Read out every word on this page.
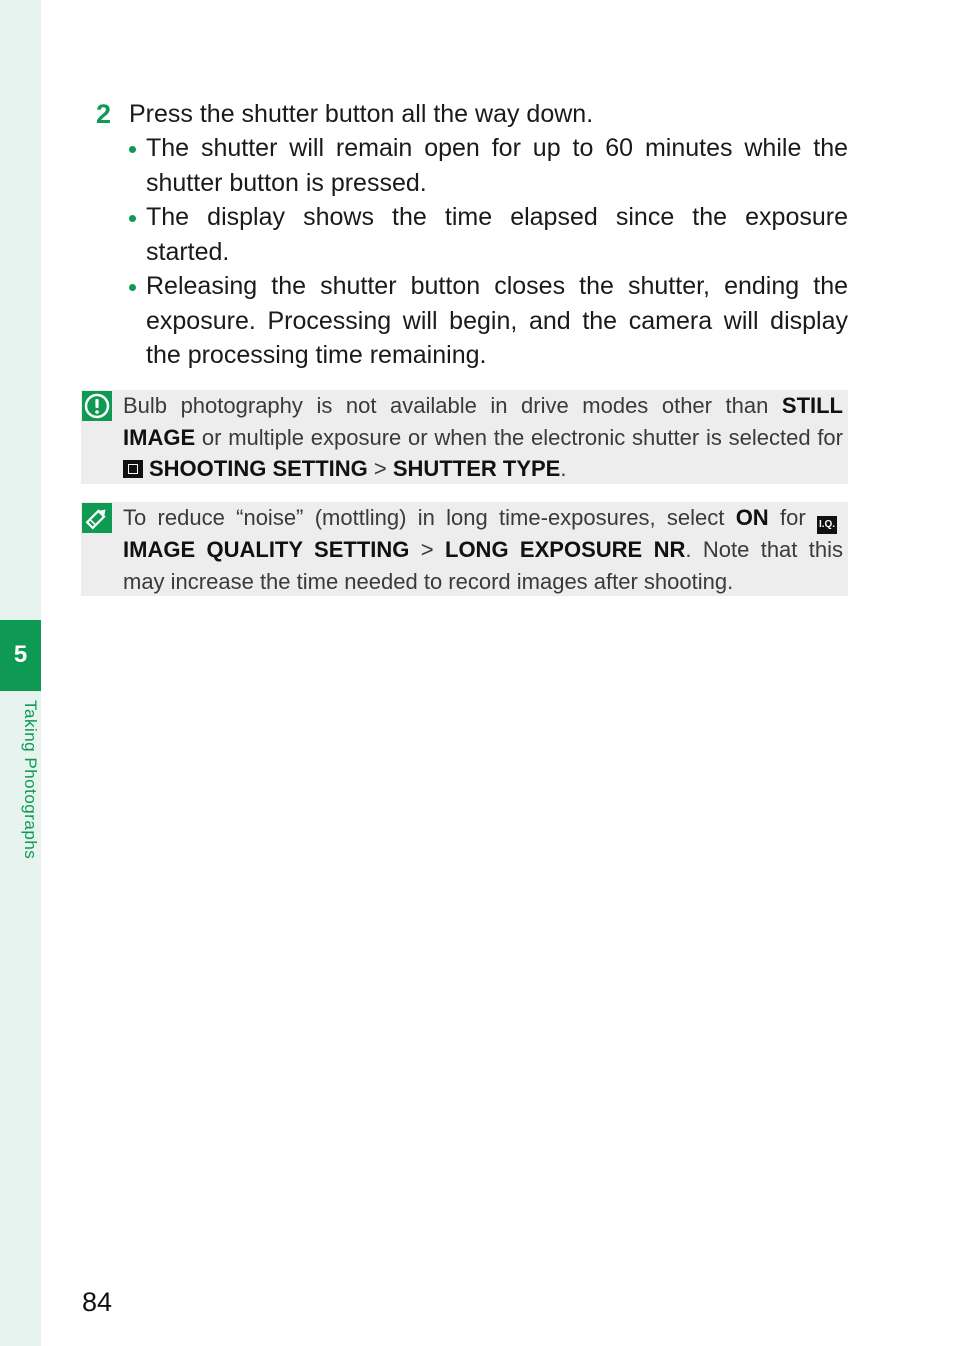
5
Taking Photographs
2 Press the shutter button all the way down.
The shutter will remain open for up to 60 minutes while the shutter button is pressed.
The display shows the time elapsed since the exposure started.
Releasing the shutter button closes the shutter, ending the exposure. Processing will begin, and the camera will display the processing time remaining.
Bulb photography is not available in drive modes other than STILL IMAGE or multiple exposure or when the electronic shutter is selected for SHOOTING SETTING > SHUTTER TYPE.
To reduce “noise” (mottling) in long time-exposures, select ON for I.Q.IMAGE QUALITY SETTING > LONG EXPOSURE NR. Note that this may increase the time needed to record images after shooting.
84
